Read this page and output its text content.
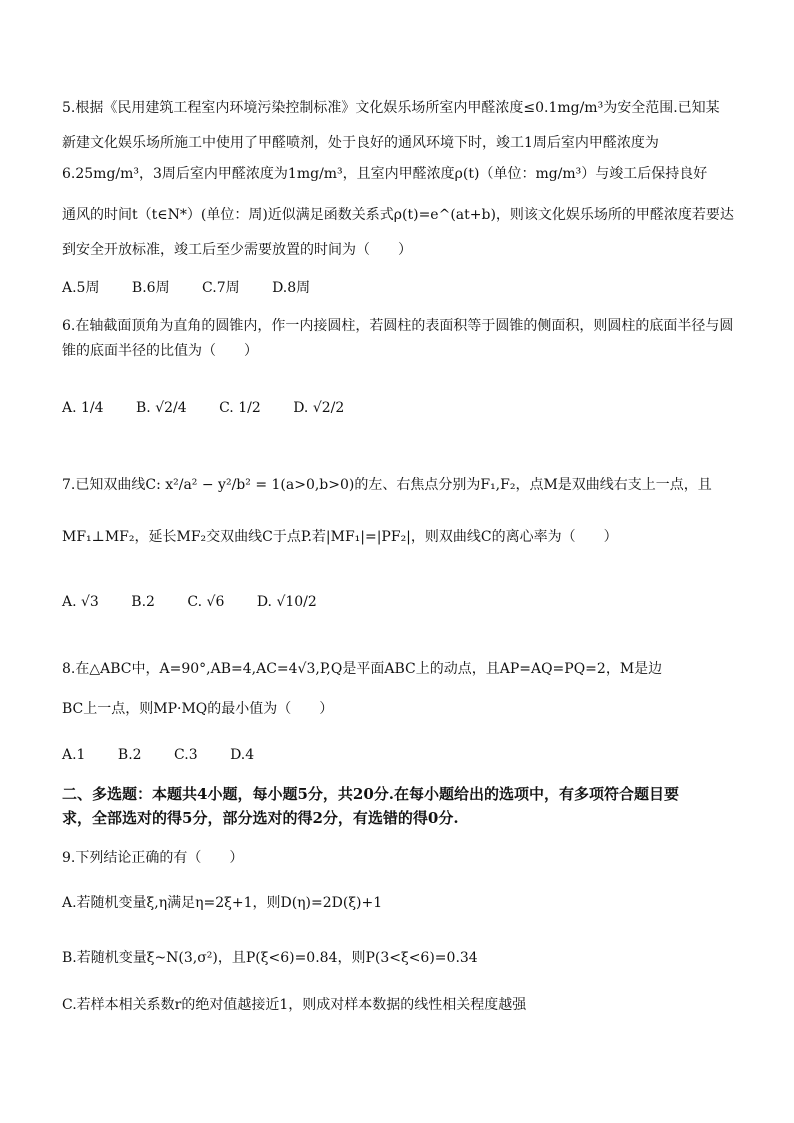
5.根据《民用建筑工程室内环境污染控制标准》文化娱乐场所室内甲醛浓度≤0.1mg/m³为安全范围.已知某
新建文化娱乐场所施工中使用了甲醛喷剂，处于良好的通风环境下时，竣工1周后室内甲醛浓度为
6.25mg/m³，3周后室内甲醛浓度为1mg/m³，且室内甲醛浓度ρ(t)（单位：mg/m³）与竣工后保持良好
通风的时间t（t∈N*）(单位：周)近似满足函数关系式ρ(t)=e^(at+b)，则该文化娱乐场所的甲醛浓度若要达
到安全开放标准，竣工后至少需要放置的时间为（　　）
A.5周 B.6周 C.7周 D.8周
6.在轴截面顶角为直角的圆锥内，作一内接圆柱，若圆柱的表面积等于圆锥的侧面积，则圆柱的底面半径与圆
锥的底面半径的比值为（　　）
A. 1/4 B. √2/4 C. 1/2 D. √2/2
7.已知双曲线C: x²/a² − y²/b² = 1(a>0,b>0)的左、右焦点分别为F₁,F₂，点M是双曲线右支上一点，且
MF₁⊥MF₂，延长MF₂交双曲线C于点P.若|MF₁|=|PF₂|，则双曲线C的离心率为（　　）
A. √3 B.2 C. √6 D. √10/2
8.在△ABC中，A=90°,AB=4,AC=4√3,P,Q是平面ABC上的动点，且AP=AQ=PQ=2，M是边
BC上一点，则MP·MQ的最小值为（　　）
A.1 B.2 C.3 D.4
二、多选题：本题共4小题，每小题5分，共20分.在每小题给出的选项中，有多项符合题目要
求，全部选对的得5分，部分选对的得2分，有选错的得0分.
9.下列结论正确的有（　　）
A.若随机变量ξ,η满足η=2ξ+1，则D(η)=2D(ξ)+1
B.若随机变量ξ~N(3,σ²)，且P(ξ<6)=0.84，则P(3<ξ<6)=0.34
C.若样本相关系数r的绝对值越接近1，则成对样本数据的线性相关程度越强
